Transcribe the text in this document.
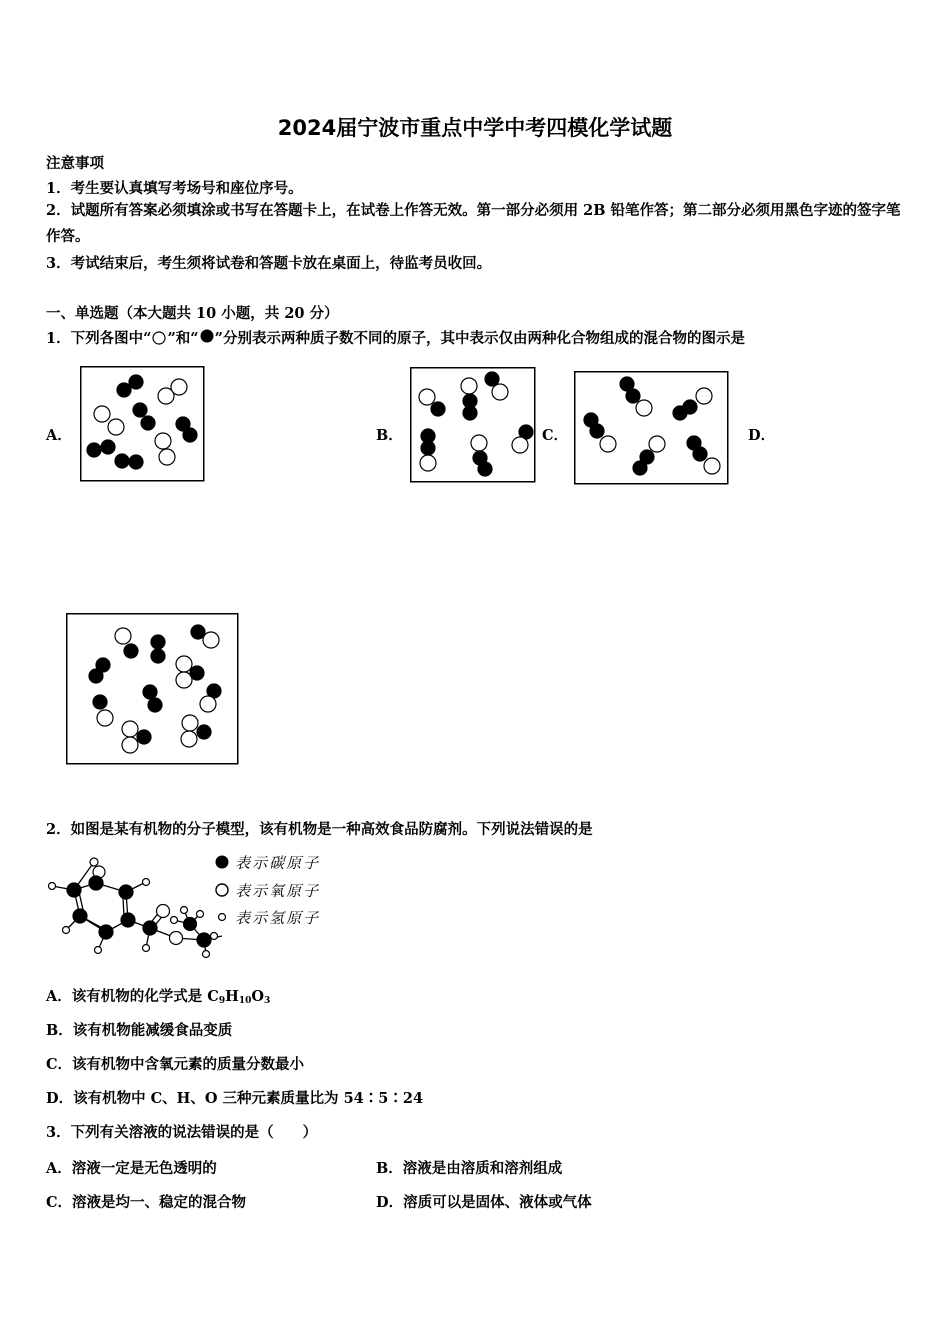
2024届宁波市重点中学中考四模化学试题
注意事项
1．考生要认真填写考场号和座位序号。
2．试题所有答案必须填涂或书写在答题卡上，在试卷上作答无效。第一部分必须用 2B 铅笔作答；第二部分必须用黑色字迹的签字笔作答。
3．考试结束后，考生须将试卷和答题卡放在桌面上，待监考员收回。
一、单选题（本大题共 10 小题，共 20 分）
1．下列各图中“ ”和“ ”分别表示两种质子数不同的原子，其中表示仅由两种化合物组成的混合物的图示是
A．	B．	C．	D．
2．如图是某有机物的分子模型，该有机物是一种高效食品防腐剂。下列说法错误的是
表示碳原子
表示氧原子
表示氢原子
A．该有机物的化学式是 $C_9H_{10}O_3$
B．该有机物能减缓食品变质
C．该有机物中含氧元素的质量分数最小
D．该有机物中 C、H、O 三种元素质量比为 54∶5∶24
3．下列有关溶液的说法错误的是（　　）
A．溶液一定是无色透明的	B．溶液是由溶质和溶剂组成
C．溶液是均一、稳定的混合物	D．溶质可以是固体、液体或气体
